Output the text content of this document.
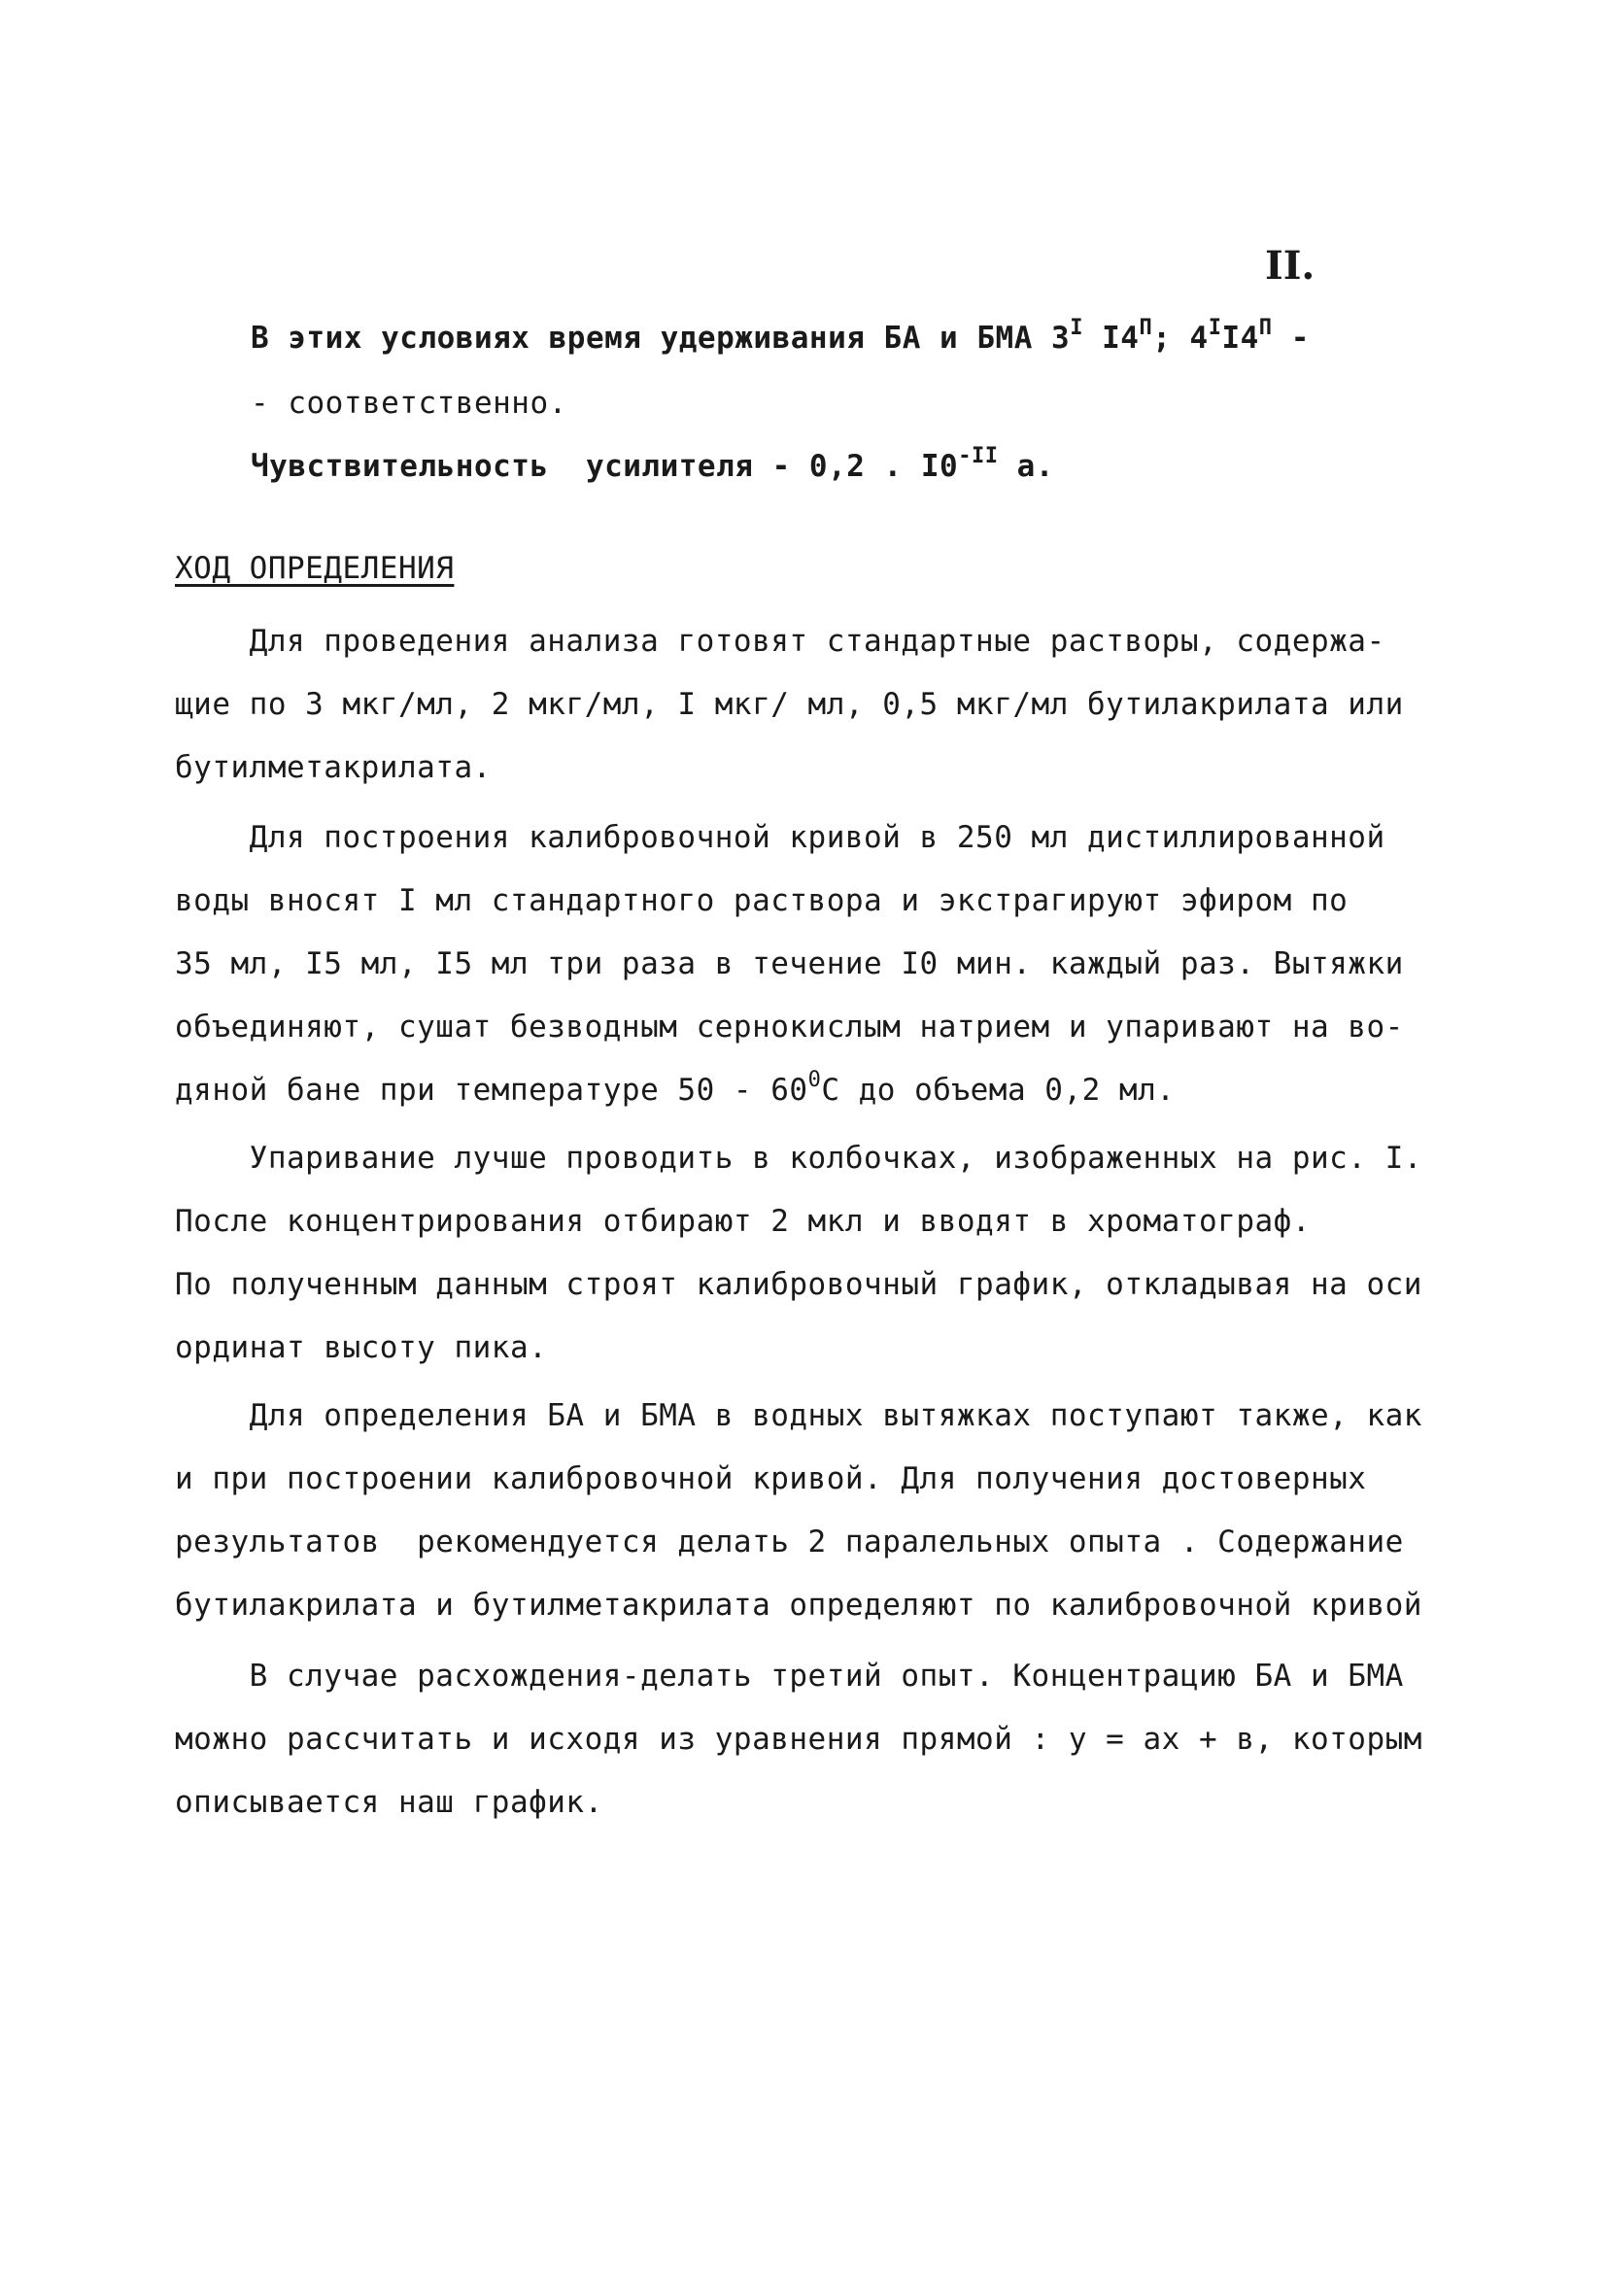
II.
В этих условиях время удерживания БА и БМА $3^I$ $I4^П$; $4^II4^П$ -
- соответственно.
Чувствительность  усилителя - 0,2 . $I0^{-II}$ а.
ХОД ОПРЕДЕЛЕНИЯ
Для проведения анализа готовят стандартные растворы, содержа-
щие по 3 мкг/мл, 2 мкг/мл, I мкг/ мл, 0,5 мкг/мл бутилакрилата или
бутилметакрилата.
Для построения калибровочной кривой в 250 мл дистиллированной
воды вносят I мл стандартного раствора и экстрагируют эфиром по
35 мл, I5 мл, I5 мл три раза в течение I0 мин. каждый раз. Вытяжки
объединяют, сушат безводным сернокислым натрием и упаривают на во-
дяной бане при температуре $50 - 60^0С$ до объема 0,2 мл.
Упаривание лучше проводить в колбочках, изображенных на рис. I.
После концентрирования отбирают 2 мкл и вводят в хроматограф.
По полученным данным строят калибровочный график, откладывая на оси
ординат высоту пика.
Для определения БА и БМА в водных вытяжках поступают также, как
и при построении калибровочной кривой. Для получения достоверных
результатов  рекомендуется делать 2 паралельных опыта . Содержание
бутилакрилата и бутилметакрилата определяют по калибровочной кривой
В случае расхождения-делать третий опыт. Концентрацию БА и БМА
можно рассчитать и исходя из уравнения прямой : у = ах + в, которым
описывается наш график.
